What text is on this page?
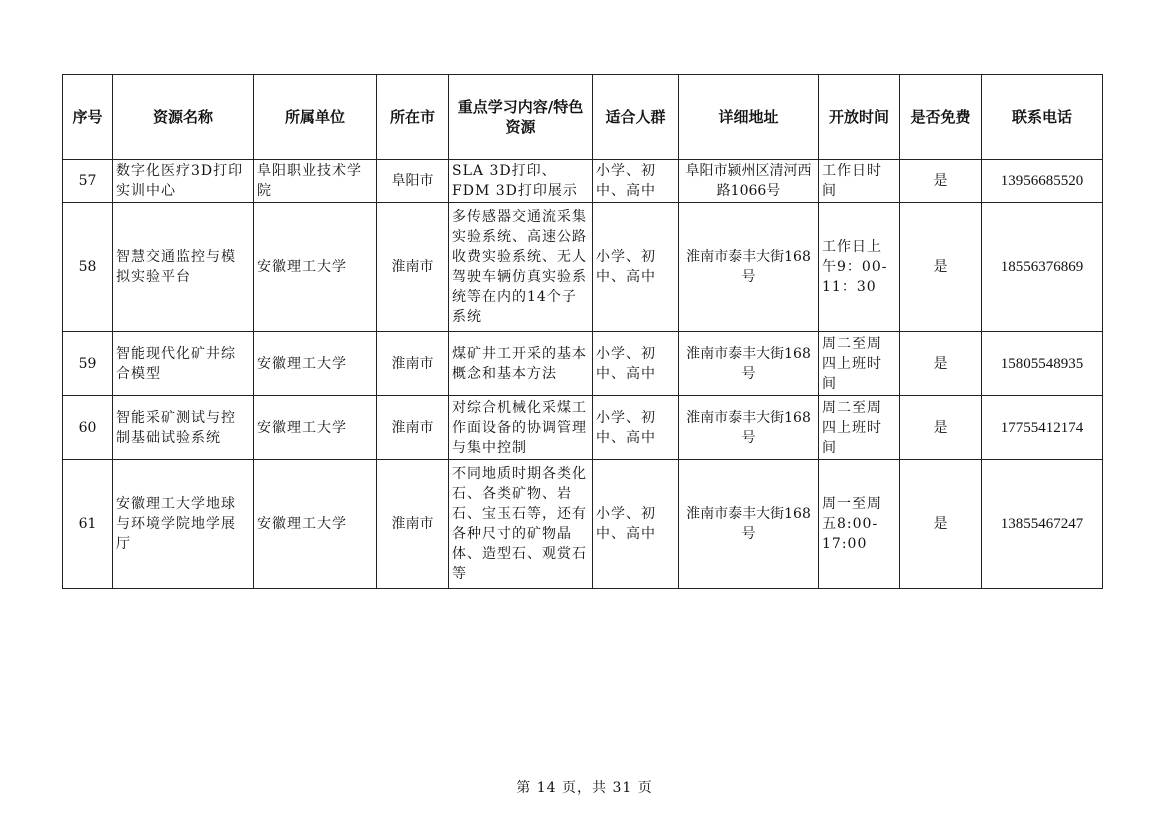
序号	资源名称	所属单位	所在市	重点学习内容/特色资源	适合人群	详细地址	开放时间	是否免费	联系电话
57	数字化医疗3D打印实训中心	阜阳职业技术学院	阜阳市	SLA 3D打印、FDM 3D打印展示	小学、初中、高中	阜阳市颍州区清河西路1066号	工作日时间	是	13956685520
58	智慧交通监控与模拟实验平台	安徽理工大学	淮南市	多传感器交通流采集实验系统、高速公路收费实验系统、无人驾驶车辆仿真实验系统等在内的14个子系统	小学、初中、高中	淮南市泰丰大街168号	工作日上午9：00-11：30	是	18556376869
59	智能现代化矿井综合模型	安徽理工大学	淮南市	煤矿井工开采的基本概念和基本方法	小学、初中、高中	淮南市泰丰大街168号	周二至周四上班时间	是	15805548935
60	智能采矿测试与控制基础试验系统	安徽理工大学	淮南市	对综合机械化采煤工作面设备的协调管理与集中控制	小学、初中、高中	淮南市泰丰大街168号	周二至周四上班时间	是	17755412174
61	安徽理工大学地球与环境学院地学展厅	安徽理工大学	淮南市	不同地质时期各类化石、各类矿物、岩石、宝玉石等，还有各种尺寸的矿物晶体、造型石、观赏石等	小学、初中、高中	淮南市泰丰大街168号	周一至周五8:00-17:00	是	13855467247
第 14 页，共 31 页
